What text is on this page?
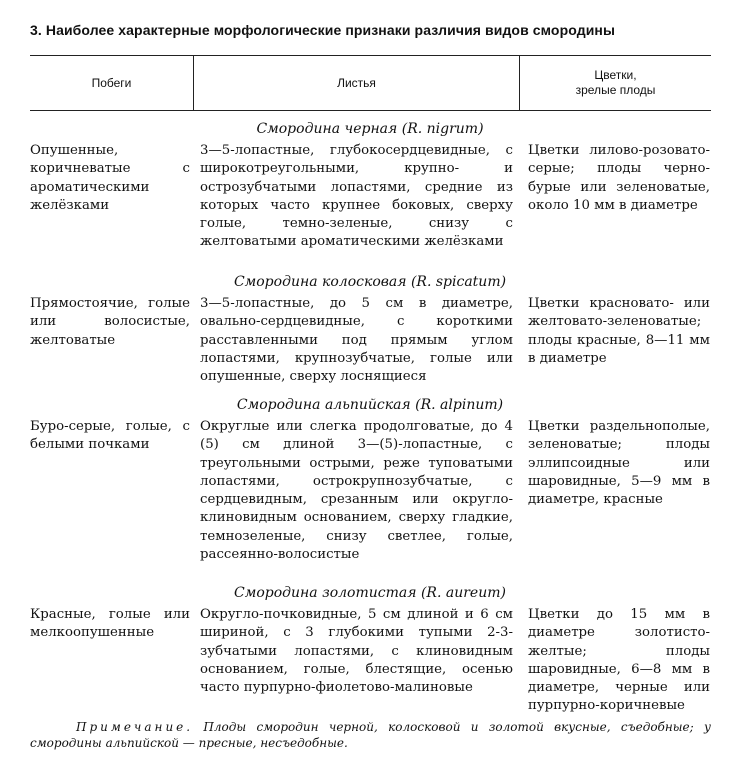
3. Наиболее характерные морфологические признаки различия видов смородины
Побеги	Листья
Цветки,
зрелые плоды
Смородина черная (R. nigrum)
Опушенные, коричневатые с ароматическими желёзками
3—5-лопастные, глубокосердцевидные, с широкотреугольными, крупно- и острозубчатыми лопастями, средние из которых часто крупнее боковых, сверху голые, темно-зеленые, снизу с желтоватыми ароматическими желёзками
Цветки лилово-розовато-серые; плоды черно-бурые или зеленоватые, около 10 мм в диаметре
Смородина колосковая (R. spicatum)
Прямостоячие, голые или волосистые, желтоватые
3—5-лопастные, до 5 см в диаметре, овально-сердцевидные, с короткими расставленными под прямым углом лопастями, крупнозубчатые, голые или опушенные, сверху лоснящиеся
Цветки красновато- или желтовато-зеленоватые; плоды красные, 8—11 мм в диаметре
Смородина альпийская (R. alpinum)
Буро-серые, голые, с белыми почками
Округлые или слегка продолговатые, до 4 (5) см длиной 3—(5)-лопастные, с треугольными острыми, реже туповатыми лопастями, острокрупнозубчатые, с сердцевидным, срезанным или округло-клиновидным основанием, сверху гладкие, темнозеленые, снизу светлее, голые, рассеянно-волосистые
Цветки раздельнополые, зеленоватые; плоды эллипсоидные или шаровидные, 5—9 мм в диаметре, красные
Смородина золотистая (R. aureum)
Красные, голые или мелкоопушенные
Округло-почковидные, 5 см длиной и 6 см шириной, с 3 глубокими тупыми 2-3-зубчатыми лопастями, с клиновидным основанием, голые, блестящие, осенью часто пурпурно-фиолетово-малиновые
Цветки до 15 мм в диаметре золотисто-желтые; плоды шаровидные, 6—8 мм в диаметре, черные или пурпурно-коричневые
Примечание. Плоды смородин черной, колосковой и золотой вкусные, съедобные; у смородины альпийской — пресные, несъедобные.
